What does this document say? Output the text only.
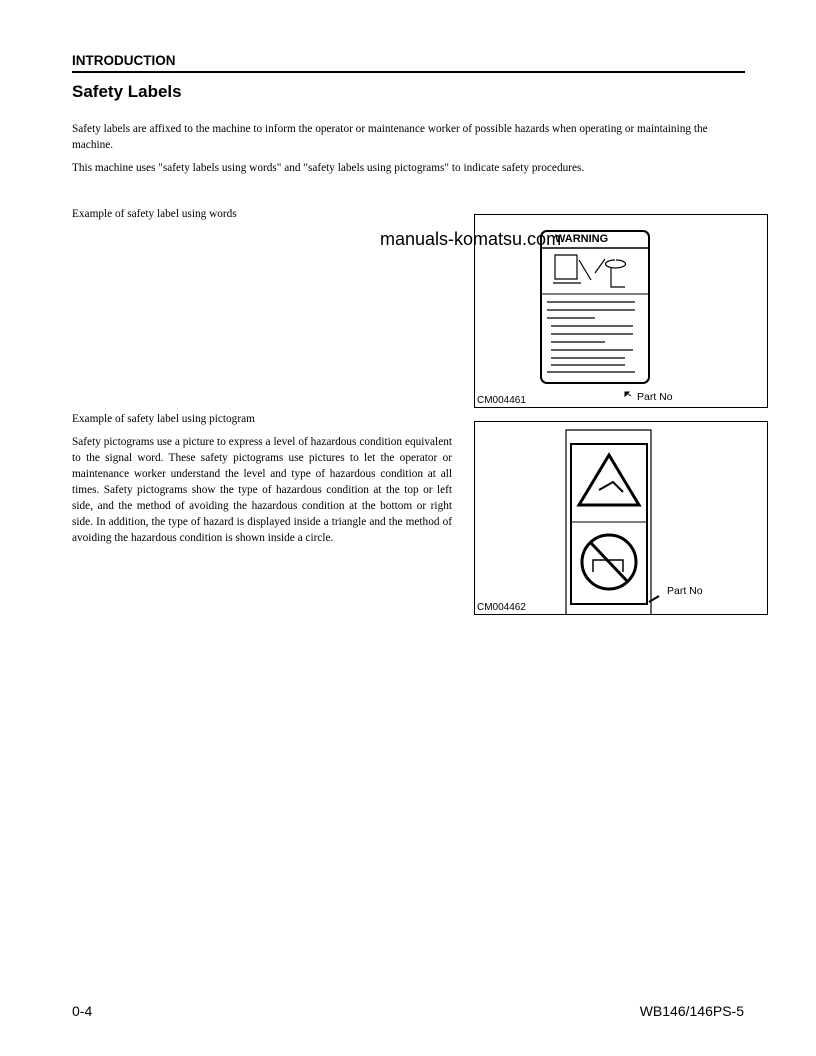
INTRODUCTION
Safety Labels
Safety labels are affixed to the machine to inform the operator or maintenance worker of possible hazards when operating or maintaining the machine.
This machine uses "safety labels using words" and "safety labels using pictograms" to indicate safety procedures.
Example of safety label using words
Example of safety label using pictogram
Safety pictograms use a picture to express a level of hazardous condition equivalent to the signal word. These safety pictograms use pictures to let the operator or maintenance worker understand the level and type of hazardous condition at all times. Safety pictograms show the type of hazardous condition at the top or left side, and the method of avoiding the hazardous condition at the bottom or right side. In addition, the type of hazard is displayed inside a triangle and the method of avoiding the hazardous condition is shown inside a circle.
WARNING
CM004461	Part No
CM004462
Part No
manuals-komatsu.com
0-4	WB146/146PS-5
